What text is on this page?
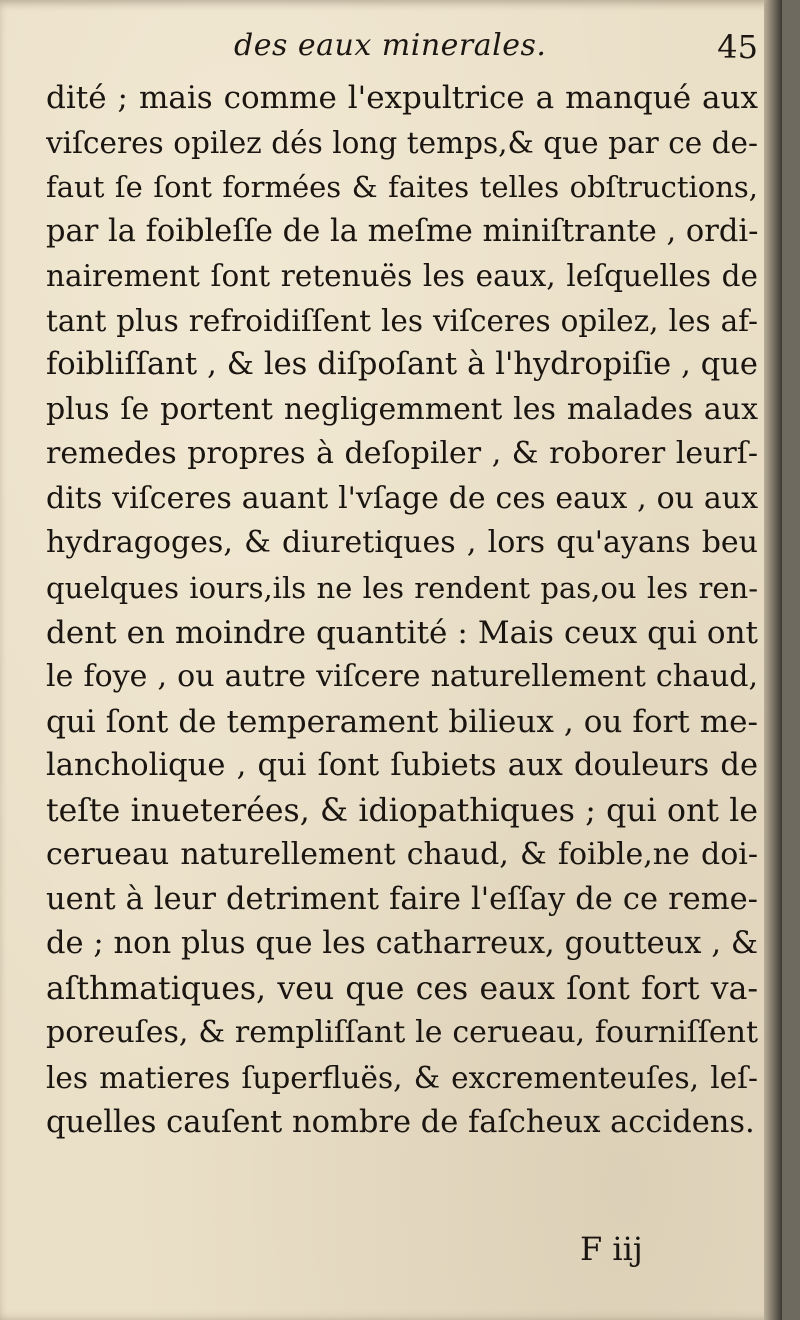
des eaux minerales.	45
dité ; mais comme l'expultrice a manqué aux
viſceres opilez dés long temps,& que par ce de-
faut ſe ſont formées & faites telles obſtructions,
par la foibleſſe de la meſme miniſtrante , ordi-
nairement ſont retenuës les eaux, leſquelles de
tant plus refroidiſſent les viſceres opilez, les af-
foibliſſant , & les diſpoſant à l'hydropiſie , que
plus ſe portent negligemment les malades aux
remedes propres à deſopiler , & roborer leurſ-
dits viſceres auant l'vſage de ces eaux , ou aux
hydragoges, & diuretiques , lors qu'ayans beu
quelques iours,ils ne les rendent pas,ou les ren-
dent en moindre quantité : Mais ceux qui ont
le foye , ou autre viſcere naturellement chaud,
qui ſont de temperament bilieux , ou fort me-
lancholique , qui ſont ſubiets aux douleurs de
teſte inueterées, & idiopathiques ; qui ont le
cerueau naturellement chaud, & foible,ne doi-
uent à leur detriment faire l'eſſay de ce reme-
de ; non plus que les catharreux, goutteux , &
aſthmatiques, veu que ces eaux ſont fort va-
poreuſes, & rempliſſant le cerueau, fourniſſent
les matieres ſuperfluës, & excrementeuſes, leſ-
quelles cauſent nombre de faſcheux accidens.
F iij
